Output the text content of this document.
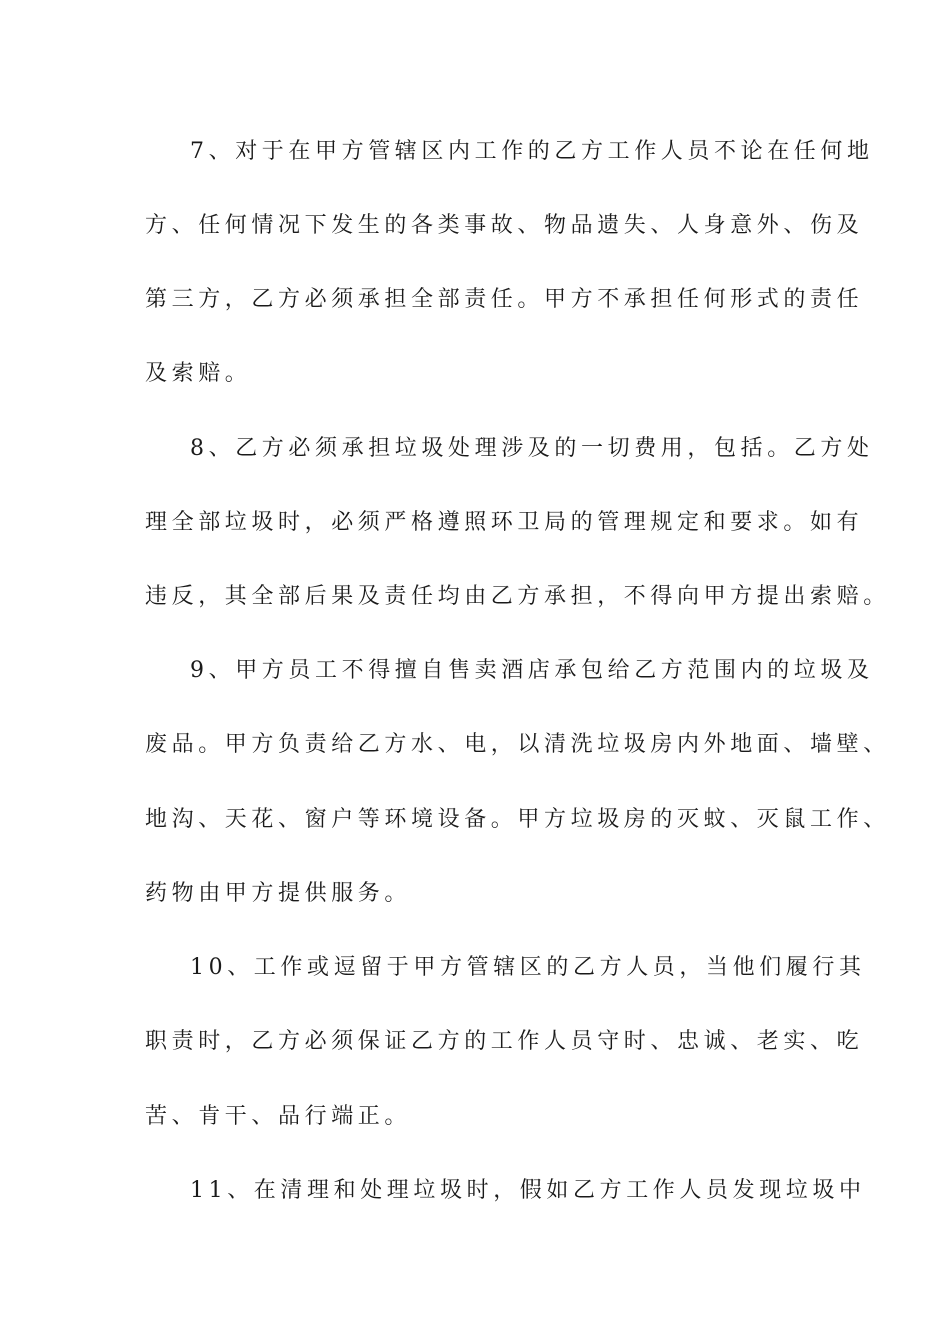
7、对于在甲方管辖区内工作的乙方工作人员不论在任何地
方、任何情况下发生的各类事故、物品遗失、人身意外、伤及
第三方，乙方必须承担全部责任。甲方不承担任何形式的责任
及索赔。
8、乙方必须承担垃圾处理涉及的一切费用，包括。乙方处
理全部垃圾时，必须严格遵照环卫局的管理规定和要求。如有
违反，其全部后果及责任均由乙方承担，不得向甲方提出索赔。
9、甲方员工不得擅自售卖酒店承包给乙方范围内的垃圾及
废品。甲方负责给乙方水、电，以清洗垃圾房内外地面、墙壁、
地沟、天花、窗户等环境设备。甲方垃圾房的灭蚊、灭鼠工作、
药物由甲方提供服务。
10、工作或逗留于甲方管辖区的乙方人员，当他们履行其
职责时，乙方必须保证乙方的工作人员守时、忠诚、老实、吃
苦、肯干、品行端正。
11、在清理和处理垃圾时，假如乙方工作人员发现垃圾中
